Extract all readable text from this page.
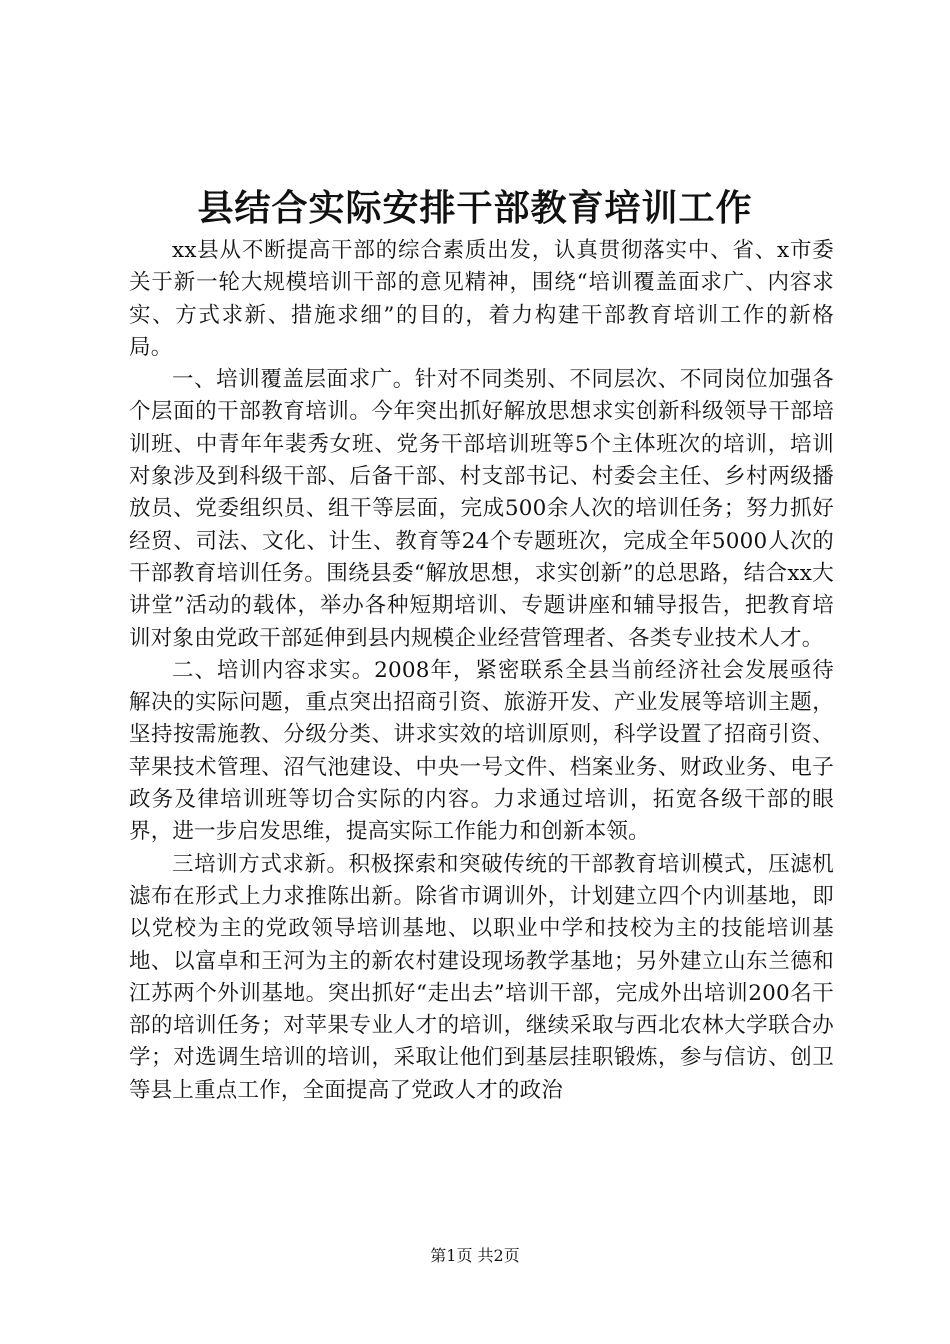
县结合实际安排干部教育培训工作

xx县从不断提高干部的综合素质出发，认真贯彻落实中、省、x市委关于新一轮大规模培训干部的意见精神，围绕“培训覆盖面求广、内容求实、方式求新、措施求细”的目的，着力构建干部教育培训工作的新格局。

一、培训覆盖层面求广。针对不同类别、不同层次、不同岗位加强各个层面的干部教育培训。今年突出抓好解放思想求实创新科级领导干部培训班、中青年年裴秀女班、党务干部培训班等5个主体班次的培训，培训对象涉及到科级干部、后备干部、村支部书记、村委会主任、乡村两级播放员、党委组织员、组干等层面，完成500余人次的培训任务；努力抓好经贸、司法、文化、计生、教育等24个专题班次，完成全年5000人次的干部教育培训任务。围绕县委“解放思想，求实创新”的总思路，结合xx大讲堂”活动的载体，举办各种短期培训、专题讲座和辅导报告，把教育培训对象由党政干部延伸到县内规模企业经营管理者、各类专业技术人才。

二、培训内容求实。2008年，紧密联系全县当前经济社会发展亟待解决的实际问题，重点突出招商引资、旅游开发、产业发展等培训主题，坚持按需施教、分级分类、讲求实效的培训原则，科学设置了招商引资、苹果技术管理、沼气池建设、中央一号文件、档案业务、财政业务、电子政务及律培训班等切合实际的内容。力求通过培训，拓宽各级干部的眼界，进一步启发思维，提高实际工作能力和创新本领。

三培训方式求新。积极探索和突破传统的干部教育培训模式，压滤机滤布在形式上力求推陈出新。除省市调训外，计划建立四个内训基地，即以党校为主的党政领导培训基地、以职业中学和技校为主的技能培训基地、以富卓和王河为主的新农村建设现场教学基地；另外建立山东兰德和江苏两个外训基地。突出抓好“走出去”培训干部，完成外出培训200名干部的培训任务；对苹果专业人才的培训，继续采取与西北农林大学联合办学；对选调生培训的培训，采取让他们到基层挂职锻炼，参与信访、创卫等县上重点工作，全面提高了党政人才的政治

第1页 共2页
